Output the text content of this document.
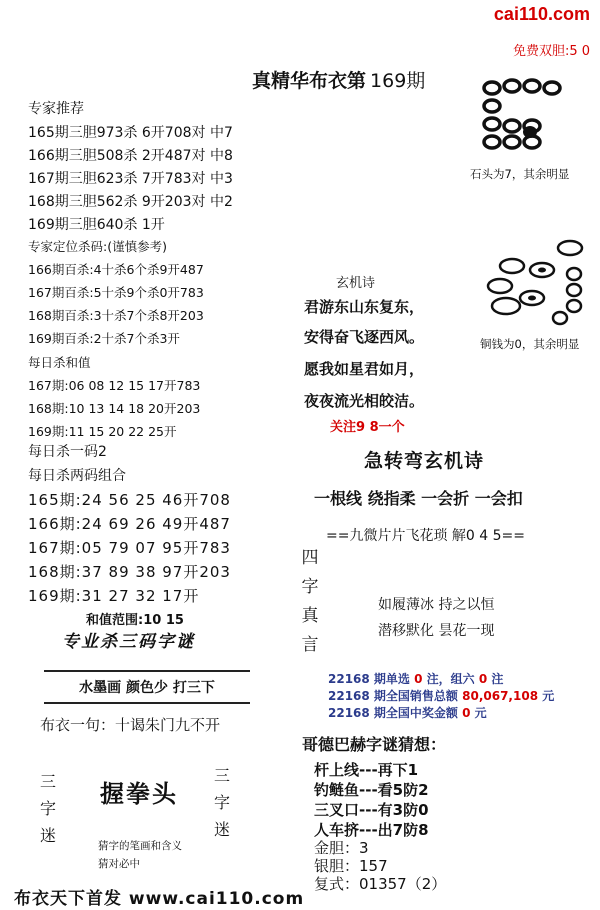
cai110.com
免费双胆:5 0
真精华布衣第 169期
专家推荐
165期三胆973杀 6开708对 中7
166期三胆508杀 2开487对 中8
167期三胆623杀 7开783对 中3
168期三胆562杀 9开203对 中2
169期三胆640杀 1开
专家定位杀码:(谨慎参考)
166期百杀:4十杀6个杀9开487
167期百杀:5十杀9个杀0开783
168期百杀:3十杀7个杀8开203
169期百杀:2十杀7个杀3开
每日杀和值
167期:06 08 12 15 17开783
168期:10 13 14 18 20开203
169期:11 15 20 22 25开
每日杀一码2
每日杀两码组合
165期:24 56 25 46开708
166期:24 69 26 49开487
167期:05 79 07 95开783
168期:37 89 38 97开203
169期:31 27 32 17开
和值范围:10 15
专业杀三码字谜
水墨画 颜色少 打三下
布衣一句：十谒朱门九不开
三字迷
握拳头
三字迷
猜字的笔画和含义
猜对必中
布衣天下首发 www.cai110.com
石头为7，其余明显
铜钱为0，其余明显
玄机诗
君游东山东复东，
安得奋飞逐西风。
愿我如星君如月，
夜夜流光相皎洁。
关注9 8一个
急转弯玄机诗
一根线 绕指柔 一会折 一会扣
==九微片片飞花琐 解0 4 5==
四字真言
如履薄冰 持之以恒
潜移默化 昙花一现
22168 期单选 0 注，组六 0 注
22168 期全国销售总额 80,067,108 元
22168 期全国中奖金额 0 元
哥德巴赫字谜猜想：
杆上线---再下1
钓鲢鱼---看5防2
三叉口---有3防0
人车挤---出7防8
金胆：3
银胆：157
复式：01357（2）
